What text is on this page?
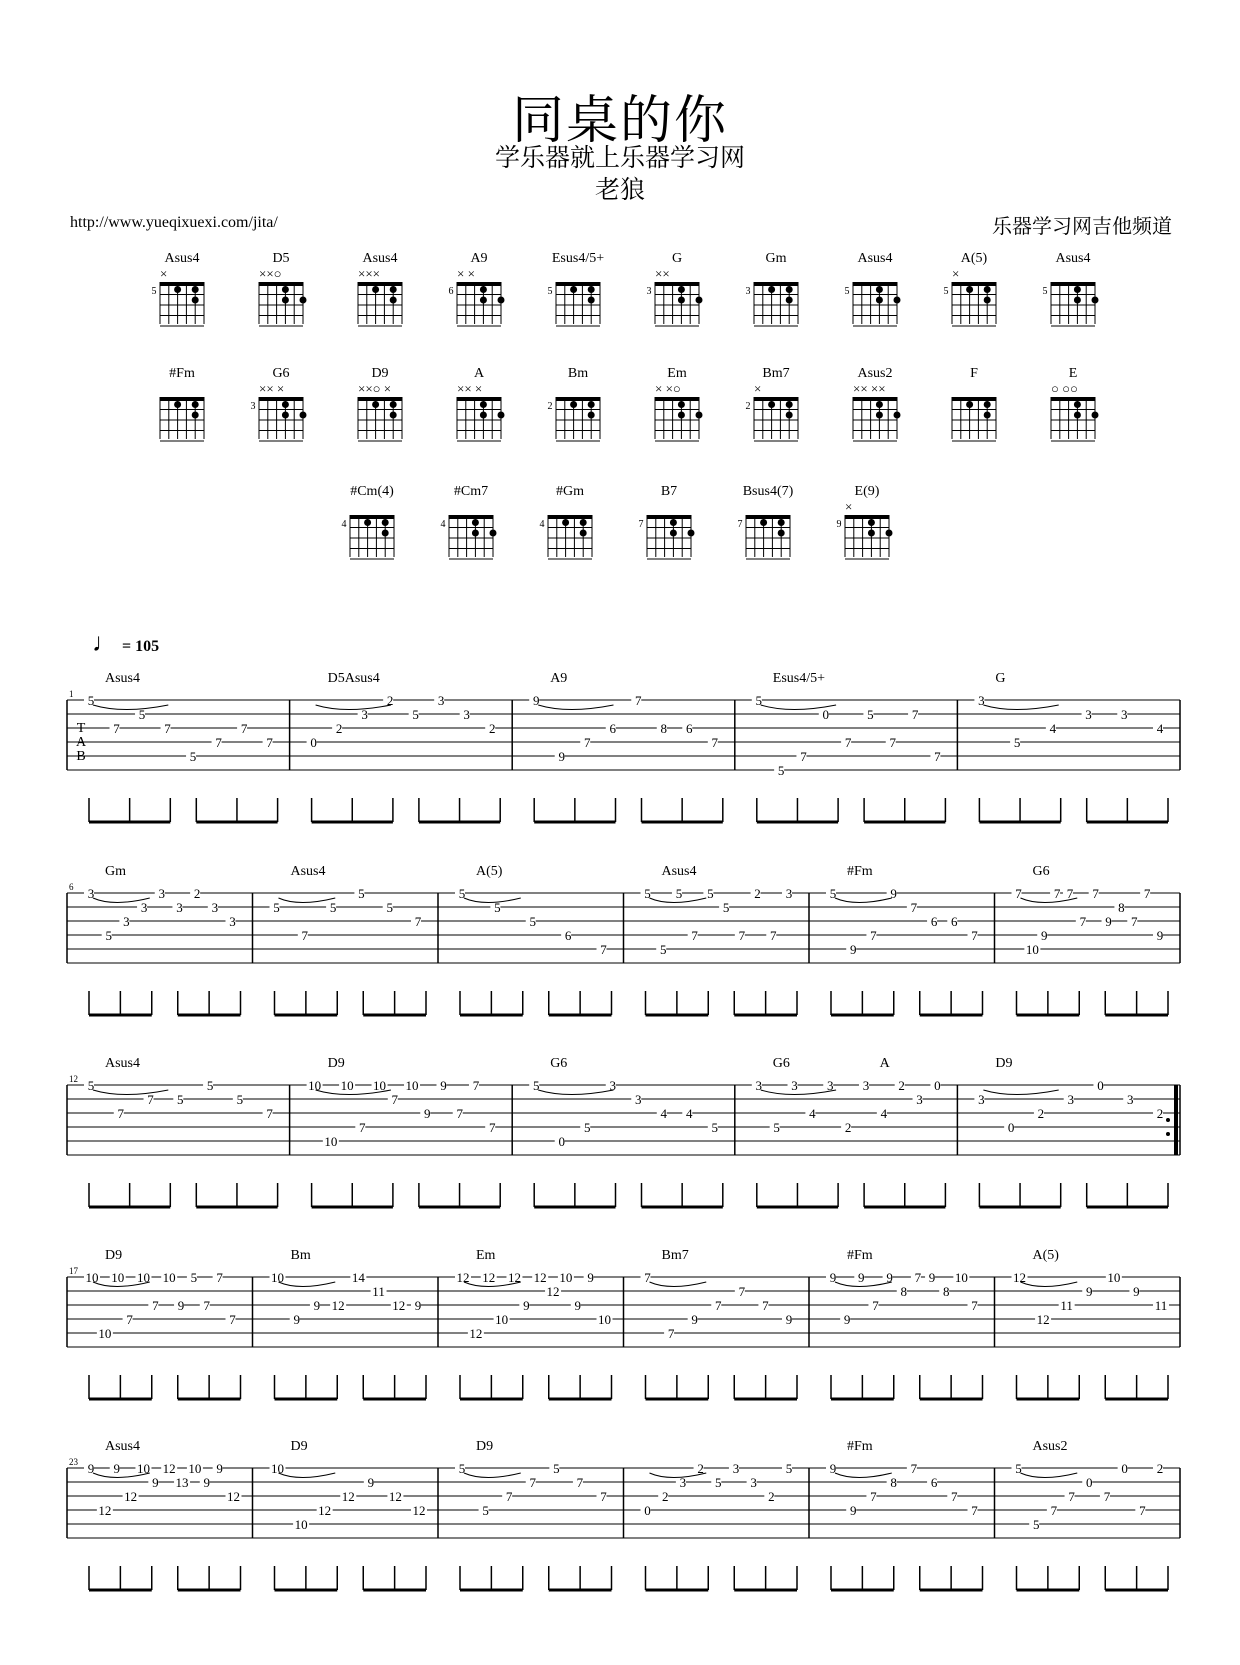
同桌的你
学乐器就上乐器学习网
老狼
http://www.yueqixuexi.com/jita/	乐器学习网吉他频道
♩ = 105
Asus4
×
5
D5
××○
Asus4
×××
A9
× ×
6
Esus4/5+
5
G
××
3
Gm
3
Asus4
5
A(5)
×
5
Asus4
5
#Fm	G6
×× ×
3
D9
××○ ×
A
×× ×
Bm
2
Em
× ×○
Bm7
×
2
Asus2
×× ××
F	E
○ ○○
#Cm(4)
4
#Cm7
4
#Gm
4
B7
7
Bsus4(7)
7
E(9)
×
9
1
T
A
B
Asus4
5
7
5
7
5
7
7
7
D5Asus4
0
2
3
2
5
3
3
2
A9
9
9
7
6
7
8 6
7
Esus4/5+
5
5
7
0
7
5
7
7
7
G
3
5
4
3 3
4
6
Gm
3
5
3
3
3
3
2
3
3
Asus4
5
7
5
5
5
7
A(5)
5
5
5
6
7
Asus4
5
5
5
7
5
5
7
2
7
3
#Fm
5
9
7
9
7
6 6
7
G6
7
10
9
7 7
7
7
9
8
7
7
9
12
Asus4
5
7
7 5
5
5
7
D9
10
10
10
7
10
7
10
9
9
7
7
7
G6
5
0
5
3
3
4 4
5
G6	A
3
5
3
4
3
2
3
4
2
3
0
D9
3
0
2
3
0
3
2
17
D9
10
10
10
7
10
7
10
9
5
7
7
7
Bm
10
9
9 12
14
11
12 9
Em
12
12
12
10
12
9
12
12
10
9
9
10
Bm7
7
7
9
7
7
7
9
#Fm
9
9
9
7
9
8
7 9
8
10
7
A(5)
12
12
11
9
10
9
11
23
Asus4
9
12
9
12
10
9
12
13
10
9
9
12
D9
10
10
12
12
9
12
12
D9
5
5
7
7
5
7
7
0
2
3
2
5
3
3
2
5
#Fm
9
9
7
8
7
6
7
7
Asus2
5
5
7
7
0
7
0
7
2
